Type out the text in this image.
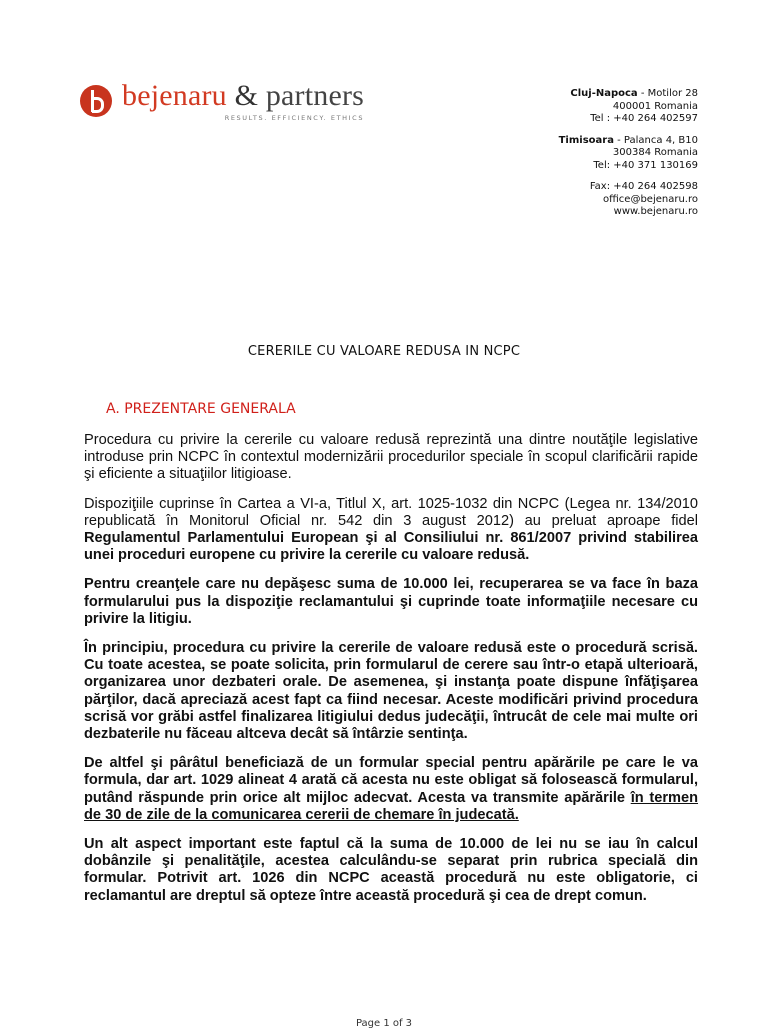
bejenaru & partners
RESULTS. EFFICIENCY. ETHICS
Cluj-Napoca - Motilor 28
400001 Romania
Tel : +40 264 402597
Timisoara - Palanca 4, B10
300384 Romania
Tel: +40 371 130169
Fax: +40 264 402598
office@bejenaru.ro
www.bejenaru.ro
CERERILE CU VALOARE REDUSA IN NCPC
A. PREZENTARE GENERALA

Procedura cu privire la cererile cu valoare redusă reprezintă una dintre noutăţile legislative introduse prin NCPC în contextul modernizării procedurilor speciale în scopul clarificării rapide şi eficiente a situaţiilor litigioase.

Dispoziţiile cuprinse în Cartea a VI-a, Titlul X, art. 1025-1032 din NCPC (Legea nr. 134/2010 republicată în Monitorul Oficial nr. 542 din 3 august 2012) au preluat aproape fidel Regulamentul Parlamentului European şi al Consiliului nr. 861/2007 privind stabilirea unei proceduri europene cu privire la cererile cu valoare redusă.

Pentru creanţele care nu depăşesc suma de 10.000 lei, recuperarea se va face în baza formularului pus la dispoziţie reclamantului şi cuprinde toate informaţiile necesare cu privire la litigiu.

În principiu, procedura cu privire la cererile de valoare redusă este o procedură scrisă. Cu toate acestea, se poate solicita, prin formularul de cerere sau într-o etapă ulterioară, organizarea unor dezbateri orale. De asemenea, şi instanţa poate dispune înfăţişarea părţilor, dacă apreciază acest fapt ca fiind necesar. Aceste modificări privind procedura scrisă vor grăbi astfel finalizarea litigiului dedus judecăţii, întrucât de cele mai multe ori dezbaterile nu făceau altceva decât să întârzie sentinţa.

De altfel şi pârâtul beneficiază de un formular special pentru apărările pe care le va formula, dar art. 1029 alineat 4 arată că acesta nu este obligat să folosească formularul, putând răspunde prin orice alt mijloc adecvat. Acesta va transmite apărările în termen de 30 de zile de la comunicarea cererii de chemare în judecată.

Un alt aspect important este faptul că la suma de 10.000 de lei nu se iau în calcul dobânzile şi penalităţile, acestea calculându-se separat prin rubrica specială din formular. Potrivit art. 1026 din NCPC această procedură nu este obligatorie, ci reclamantul are dreptul să opteze între această procedură şi cea de drept comun.

Page 1 of 3
